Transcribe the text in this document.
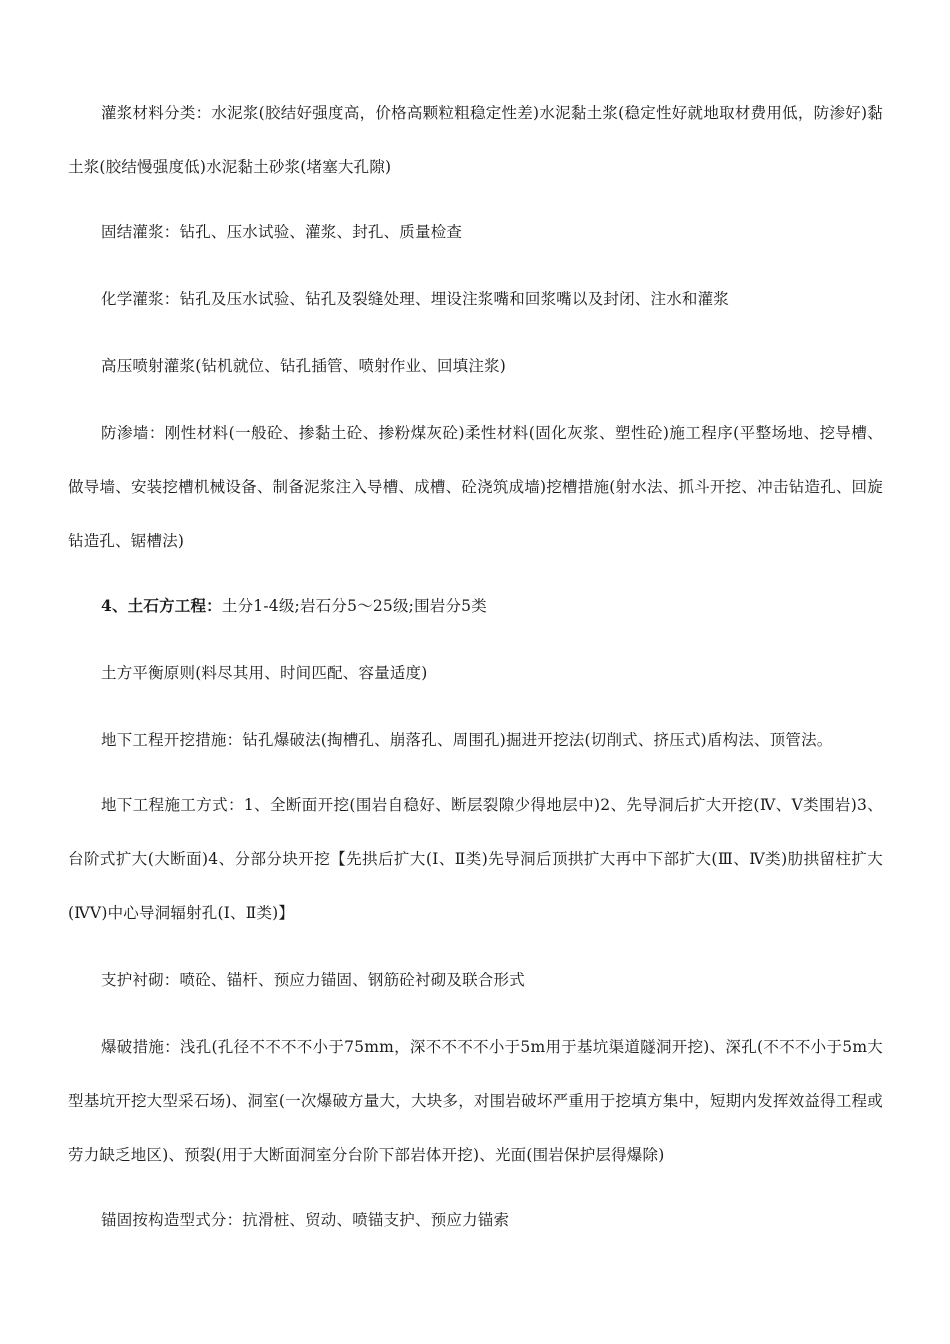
灌浆材料分类：水泥浆(胶结好强度高，价格高颗粒粗稳定性差)水泥黏土浆(稳定性好就地取材费用低，防渗好)黏土浆(胶结慢强度低)水泥黏土砂浆(堵塞大孔隙)

固结灌浆：钻孔、压水试验、灌浆、封孔、质量检查

化学灌浆：钻孔及压水试验、钻孔及裂缝处理、埋设注浆嘴和回浆嘴以及封闭、注水和灌浆

高压喷射灌浆(钻机就位、钻孔插管、喷射作业、回填注浆)

防渗墙：刚性材料(一般砼、掺黏土砼、掺粉煤灰砼)柔性材料(固化灰浆、塑性砼)施工程序(平整场地、挖导槽、做导墙、安装挖槽机械设备、制备泥浆注入导槽、成槽、砼浇筑成墙)挖槽措施(射水法、抓斗开挖、冲击钻造孔、回旋钻造孔、锯槽法)

4、土石方工程：土分1-4级;岩石分5～25级;围岩分5类

土方平衡原则(料尽其用、时间匹配、容量适度)

地下工程开挖措施：钻孔爆破法(掏槽孔、崩落孔、周围孔)掘进开挖法(切削式、挤压式)盾构法、顶管法。

地下工程施工方式：1、全断面开挖(围岩自稳好、断层裂隙少得地层中)2、先导洞后扩大开挖(Ⅳ、Ⅴ类围岩)3、台阶式扩大(大断面)4、分部分块开挖【先拱后扩大(Ⅰ、Ⅱ类)先导洞后顶拱扩大再中下部扩大(Ⅲ、Ⅳ类)肋拱留柱扩大(ⅣⅤ)中心导洞辐射孔(Ⅰ、Ⅱ类)】

支护衬砌：喷砼、锚杆、预应力锚固、钢筋砼衬砌及联合形式

爆破措施：浅孔(孔径不不不不小于75mm，深不不不不小于5m用于基坑渠道隧洞开挖)、深孔(不不不小于5m大型基坑开挖大型采石场)、洞室(一次爆破方量大，大块多，对围岩破坏严重用于挖填方集中，短期内发挥效益得工程或劳力缺乏地区)、预裂(用于大断面洞室分台阶下部岩体开挖)、光面(围岩保护层得爆除)

锚固按构造型式分：抗滑桩、贸动、喷锚支护、预应力锚索
